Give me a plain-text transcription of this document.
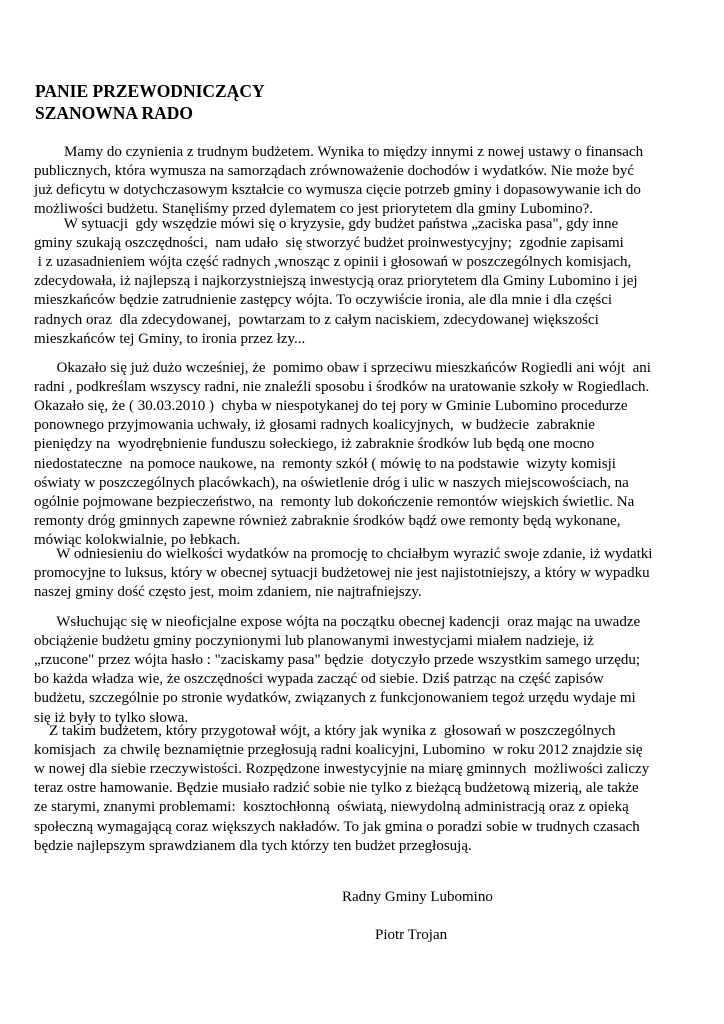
PANIE PRZEWODNICZĄCY
SZANOWNA RADO
Mamy do czynienia z trudnym budżetem. Wynika to między innymi z nowej ustawy o finansach
publicznych, która wymusza na samorządach zrównoważenie dochodów i wydatków. Nie może być
już deficytu w dotychczasowym kształcie co wymusza cięcie potrzeb gminy i dopasowywanie ich do
możliwości budżetu. Stanęliśmy przed dylematem co jest priorytetem dla gminy Lubomino?.
W sytuacji  gdy wszędzie mówi się o kryzysie, gdy budżet państwa „zaciska pasa", gdy inne
gminy szukają oszczędności,  nam udało  się stworzyć budżet proinwestycyjny;  zgodnie zapisami
i z uzasadnieniem wójta część radnych ,wnosząc z opinii i głosowań w poszczególnych komisjach,
zdecydowała, iż najlepszą i najkorzystniejszą inwestycją oraz priorytetem dla Gminy Lubomino i jej
mieszkańców będzie zatrudnienie zastępcy wójta. To oczywiście ironia, ale dla mnie i dla części
radnych oraz  dla zdecydowanej,  powtarzam to z całym naciskiem, zdecydowanej większości
mieszkańców tej Gminy, to ironia przez łzy...
Okazało się już dużo wcześniej, że  pomimo obaw i sprzeciwu mieszkańców Rogiedli ani wójt  ani
radni , podkreślam wszyscy radni, nie znaleźli sposobu i środków na uratowanie szkoły w Rogiedlach.
Okazało się, że ( 30.03.2010 )  chyba w niespotykanej do tej pory w Gminie Lubomino procedurze
ponownego przyjmowania uchwały, iż głosami radnych koalicyjnych,  w budżecie  zabraknie
pieniędzy na  wyodrębnienie funduszu sołeckiego, iż zabraknie środków lub będą one mocno
niedostateczne  na pomoce naukowe, na  remonty szkół ( mówię to na podstawie  wizyty komisji
oświaty w poszczególnych placówkach), na oświetlenie dróg i ulic w naszych miejscowościach, na
ogólnie pojmowane bezpieczeństwo, na  remonty lub dokończenie remontów wiejskich świetlic. Na
remonty dróg gminnych zapewne również zabraknie środków bądź owe remonty będą wykonane,
mówiąc kolokwialnie, po łebkach.
W odniesieniu do wielkości wydatków na promocję to chciałbym wyrazić swoje zdanie, iż wydatki
promocyjne to luksus, który w obecnej sytuacji budżetowej nie jest najistotniejszy, a który w wypadku
naszej gminy dość często jest, moim zdaniem, nie najtrafniejszy.
Wsłuchując się w nieoficjalne expose wójta na początku obecnej kadencji  oraz mając na uwadze
obciążenie budżetu gminy poczynionymi lub planowanymi inwestycjami miałem nadzieje, iż
„rzucone" przez wójta hasło : "zaciskamy pasa" będzie  dotyczyło przede wszystkim samego urzędu;
bo każda władza wie, że oszczędności wypada zacząć od siebie. Dziś patrząc na część zapisów
budżetu, szczególnie po stronie wydatków, związanych z funkcjonowaniem tegoż urzędu wydaje mi
się iż były to tylko słowa.
Z takim budżetem, który przygotował wójt, a który jak wynika z  głosowań w poszczególnych
komisjach  za chwilę beznamiętnie przegłosują radni koalicyjni, Lubomino  w roku 2012 znajdzie się
w nowej dla siebie rzeczywistości. Rozpędzone inwestycyjnie na miarę gminnych  możliwości zaliczy
teraz ostre hamowanie. Będzie musiało radzić sobie nie tylko z bieżącą budżetową mizerią, ale także
ze starymi, znanymi problemami:  kosztochłonną  oświatą, niewydolną administracją oraz z opieką
społeczną wymagającą coraz większych nakładów. To jak gmina o poradzi sobie w trudnych czasach
będzie najlepszym sprawdzianem dla tych którzy ten budżet przegłosują.
Radny Gminy Lubomino
Piotr Trojan
